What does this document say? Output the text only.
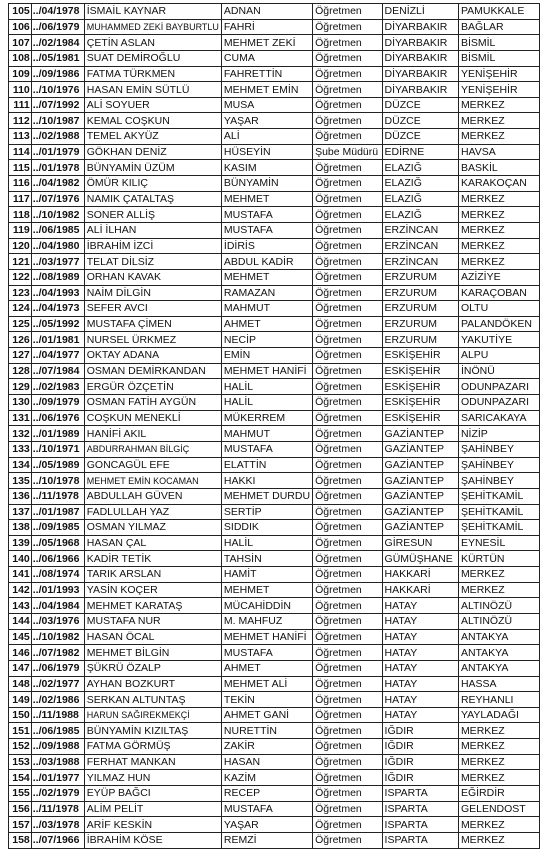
105	../04/1978	İSMAİL KAYNAR	ADNAN	Öğretmen	DENİZLİ	PAMUKKALE
106	../06/1979	MUHAMMED ZEKİ BAYBURTLU	FAHRİ	Öğretmen	DİYARBAKIR	BAĞLAR
107	../02/1984	ÇETİN ASLAN	MEHMET ZEKİ	Öğretmen	DİYARBAKIR	BİSMİL
108	../05/1981	SUAT DEMİROĞLU	CUMA	Öğretmen	DİYARBAKIR	BİSMİL
109	../09/1986	FATMA TÜRKMEN	FAHRETTİN	Öğretmen	DİYARBAKIR	YENİŞEHİR
110	../10/1976	HASAN EMİN SÜTLÜ	MEHMET EMİN	Öğretmen	DİYARBAKIR	YENİŞEHİR
111	../07/1992	ALİ SOYUER	MUSA	Öğretmen	DÜZCE	MERKEZ
112	../10/1987	KEMAL COŞKUN	YAŞAR	Öğretmen	DÜZCE	MERKEZ
113	../02/1988	TEMEL AKYÜZ	ALİ	Öğretmen	DÜZCE	MERKEZ
114	../01/1979	GÖKHAN DENİZ	HÜSEYİN	Şube Müdürü	EDİRNE	HAVSA
115	../01/1978	BÜNYAMİN ÜZÜM	KASIM	Öğretmen	ELAZIĞ	BASKİL
116	../04/1982	ÖMÜR KILIÇ	BÜNYAMİN	Öğretmen	ELAZIĞ	KARAKOÇAN
117	../07/1976	NAMIK ÇATALTAŞ	MEHMET	Öğretmen	ELAZIĞ	MERKEZ
118	../10/1982	SONER ALLİŞ	MUSTAFA	Öğretmen	ELAZIĞ	MERKEZ
119	../06/1985	ALİ İLHAN	MUSTAFA	Öğretmen	ERZİNCAN	MERKEZ
120	../04/1980	İBRAHİM İZCİ	İDİRİS	Öğretmen	ERZİNCAN	MERKEZ
121	../03/1977	TELAT DİLSİZ	ABDUL KADİR	Öğretmen	ERZİNCAN	MERKEZ
122	../08/1989	ORHAN KAVAK	MEHMET	Öğretmen	ERZURUM	AZİZİYE
123	../04/1993	NAİM DİLGİN	RAMAZAN	Öğretmen	ERZURUM	KARAÇOBAN
124	../04/1973	SEFER AVCI	MAHMUT	Öğretmen	ERZURUM	OLTU
125	../05/1992	MUSTAFA ÇİMEN	AHMET	Öğretmen	ERZURUM	PALANDÖKEN
126	../01/1981	NURSEL ÜRKMEZ	NECİP	Öğretmen	ERZURUM	YAKUTİYE
127	../04/1977	OKTAY ADANA	EMİN	Öğretmen	ESKİŞEHİR	ALPU
128	../07/1984	OSMAN DEMİRKANDAN	MEHMET HANİFİ	Öğretmen	ESKİŞEHİR	İNÖNÜ
129	../02/1983	ERGÜR ÖZÇETİN	HALİL	Öğretmen	ESKİŞEHİR	ODUNPAZARI
130	../09/1979	OSMAN FATİH AYGÜN	HALİL	Öğretmen	ESKİŞEHİR	ODUNPAZARI
131	../06/1976	COŞKUN MENEKLİ	MÜKERREM	Öğretmen	ESKİŞEHİR	SARICAKAYA
132	../01/1989	HANİFİ AKIL	MAHMUT	Öğretmen	GAZİANTEP	NİZİP
133	../10/1971	ABDURRAHMAN BİLGİÇ	MUSTAFA	Öğretmen	GAZİANTEP	ŞAHİNBEY
134	../05/1989	GONCAGÜL EFE	ELATTİN	Öğretmen	GAZİANTEP	ŞAHİNBEY
135	../10/1978	MEHMET EMİN KOCAMAN	HAKKI	Öğretmen	GAZİANTEP	ŞAHİNBEY
136	../11/1978	ABDULLAH GÜVEN	MEHMET DURDU	Öğretmen	GAZİANTEP	ŞEHİTKAMİL
137	../01/1987	FADLULLAH YAZ	SERTİP	Öğretmen	GAZİANTEP	ŞEHİTKAMİL
138	../09/1985	OSMAN YILMAZ	SIDDIK	Öğretmen	GAZİANTEP	ŞEHİTKAMİL
139	../05/1968	HASAN ÇAL	HALİL	Öğretmen	GİRESUN	EYNESİL
140	../06/1966	KADİR TETİK	TAHSİN	Öğretmen	GÜMÜŞHANE	KÜRTÜN
141	../08/1974	TARIK ARSLAN	HAMİT	Öğretmen	HAKKARİ	MERKEZ
142	../01/1993	YASİN KOÇER	MEHMET	Öğretmen	HAKKARİ	MERKEZ
143	../04/1984	MEHMET KARATAŞ	MÜCAHİDDİN	Öğretmen	HATAY	ALTINÖZÜ
144	../03/1976	MUSTAFA NUR	M. MAHFUZ	Öğretmen	HATAY	ALTINÖZÜ
145	../10/1982	HASAN ÖCAL	MEHMET HANİFİ	Öğretmen	HATAY	ANTAKYA
146	../07/1982	MEHMET BİLGİN	MUSTAFA	Öğretmen	HATAY	ANTAKYA
147	../06/1979	ŞÜKRÜ ÖZALP	AHMET	Öğretmen	HATAY	ANTAKYA
148	../02/1977	AYHAN BOZKURT	MEHMET ALİ	Öğretmen	HATAY	HASSA
149	../02/1986	SERKAN ALTUNTAŞ	TEKİN	Öğretmen	HATAY	REYHANLI
150	../11/1988	HARUN SAĞIREKMEKÇİ	AHMET GANİ	Öğretmen	HATAY	YAYLADAĞI
151	../06/1985	BÜNYAMİN KIZILTAŞ	NURETTİN	Öğretmen	IĞDIR	MERKEZ
152	../09/1988	FATMA GÖRMÜŞ	ZAKİR	Öğretmen	IĞDIR	MERKEZ
153	../03/1988	FERHAT MANKAN	HASAN	Öğretmen	IĞDIR	MERKEZ
154	../01/1977	YILMAZ HUN	KAZİM	Öğretmen	IĞDIR	MERKEZ
155	../02/1979	EYÜP BAĞCI	RECEP	Öğretmen	ISPARTA	EĞİRDİR
156	../11/1978	ALİM PELİT	MUSTAFA	Öğretmen	ISPARTA	GELENDOST
157	../03/1978	ARİF KESKİN	YAŞAR	Öğretmen	ISPARTA	MERKEZ
158	../07/1966	İBRAHİM KÖSE	REMZİ	Öğretmen	ISPARTA	MERKEZ
